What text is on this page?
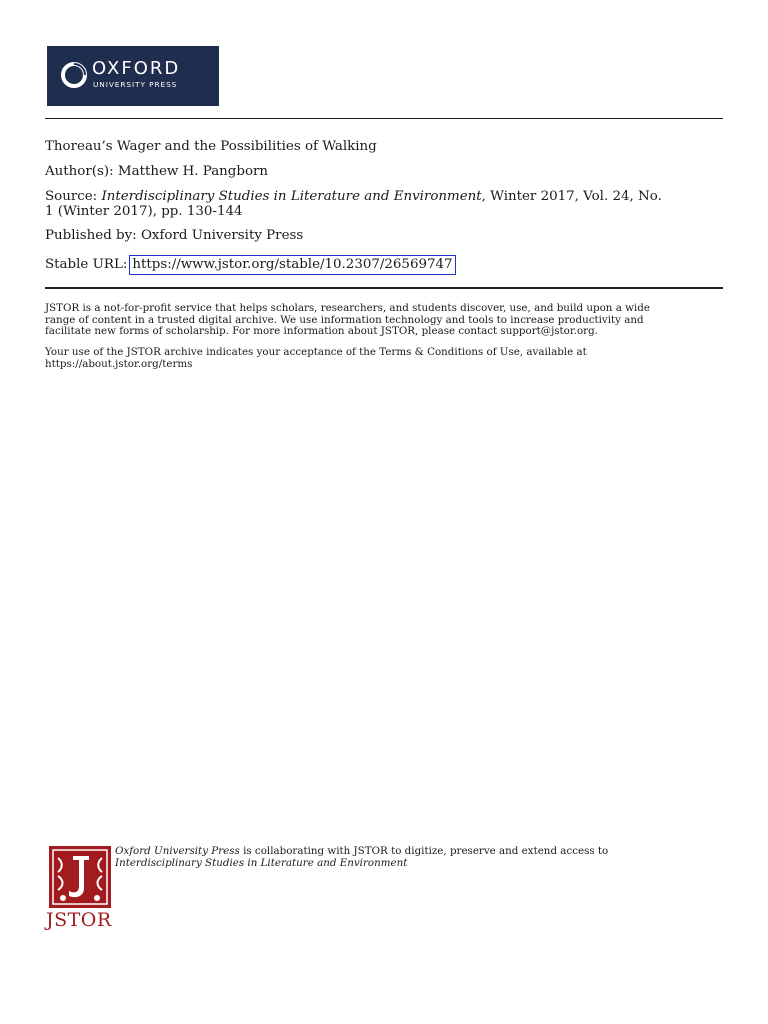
OXFORD
UNIVERSITY PRESS
Thoreau’s Wager and the Possibilities of Walking
Author(s): Matthew H. Pangborn
Source: Interdisciplinary Studies in Literature and Environment, Winter 2017, Vol. 24, No.
1 (Winter 2017), pp. 130-144
Published by: Oxford University Press
Stable URL: https://www.jstor.org/stable/10.2307/26569747
JSTOR is a not-for-profit service that helps scholars, researchers, and students discover, use, and build upon a wide
range of content in a trusted digital archive. We use information technology and tools to increase productivity and
facilitate new forms of scholarship. For more information about JSTOR, please contact support@jstor.org.
Your use of the JSTOR archive indicates your acceptance of the Terms & Conditions of Use, available at
https://about.jstor.org/terms
JSTOR
Oxford University Press is collaborating with JSTOR to digitize, preserve and extend access to
Interdisciplinary Studies in Literature and Environment
